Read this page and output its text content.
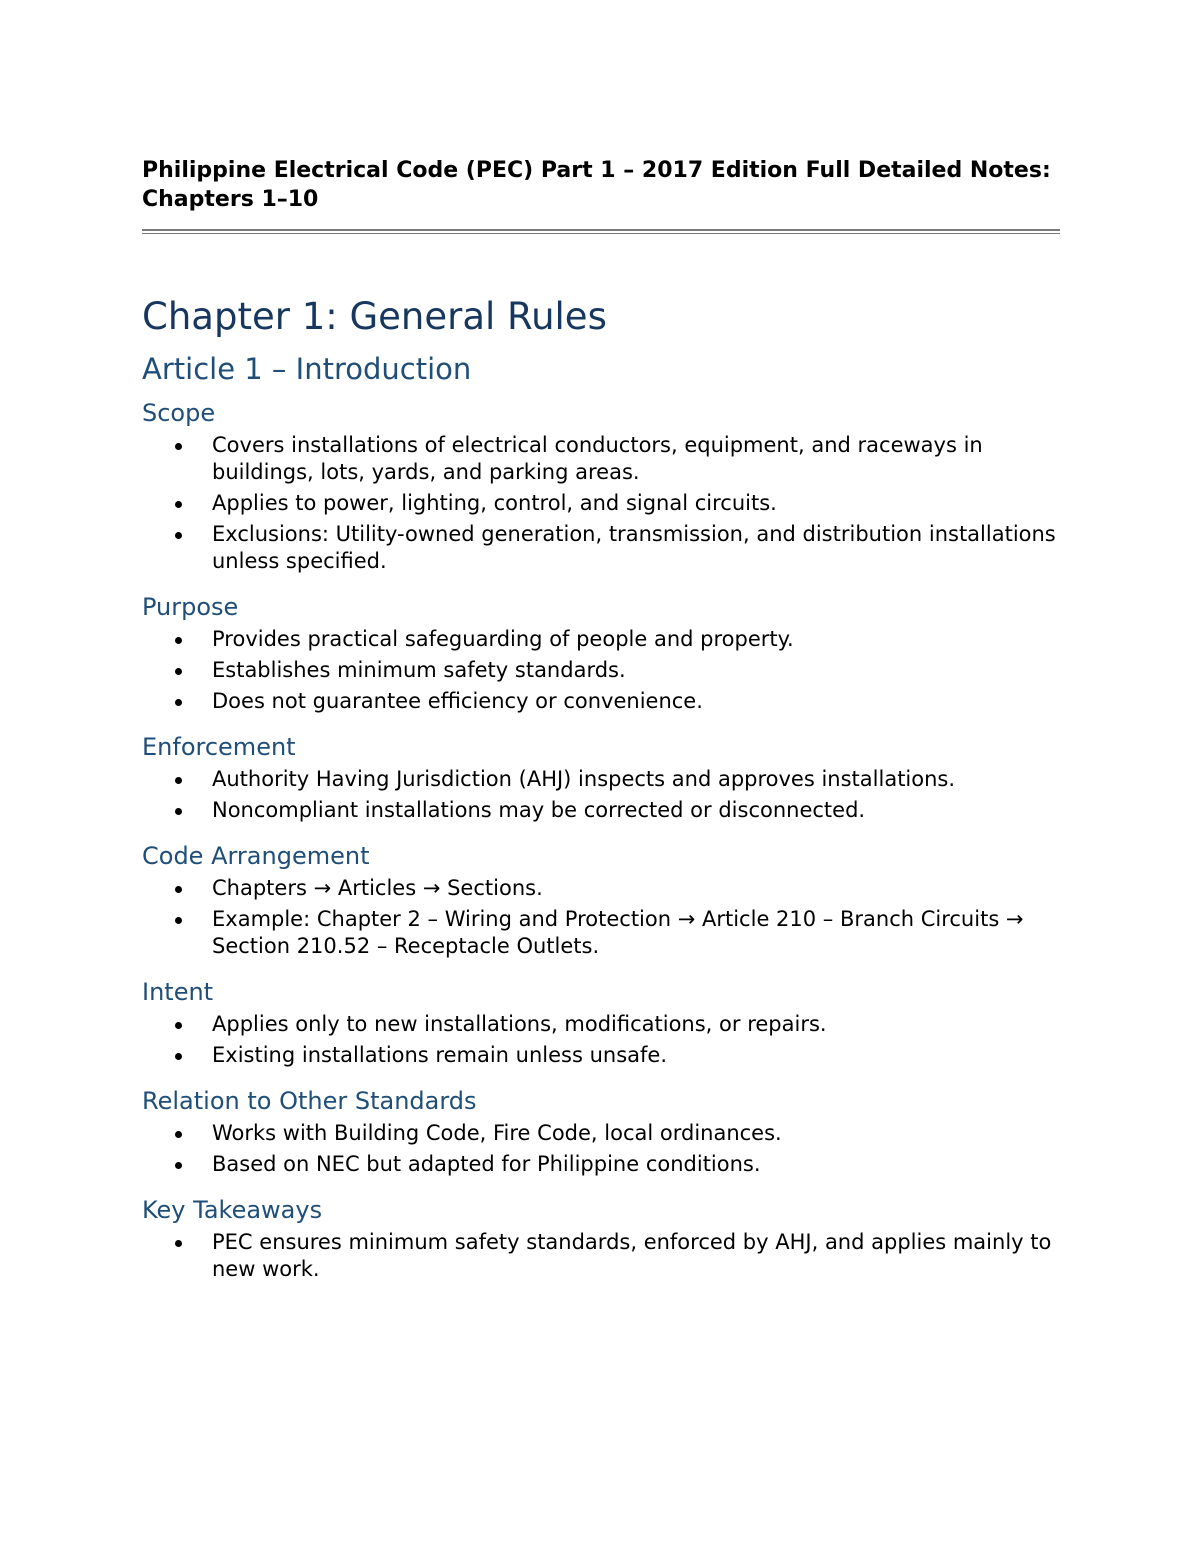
Philippine Electrical Code (PEC) Part 1 – 2017 Edition Full Detailed Notes: Chapters 1–10
Chapter 1: General Rules
Article 1 – Introduction
Scope
Covers installations of electrical conductors, equipment, and raceways in buildings, lots, yards, and parking areas.
Applies to power, lighting, control, and signal circuits.
Exclusions: Utility-owned generation, transmission, and distribution installations unless specified.
Purpose
Provides practical safeguarding of people and property.
Establishes minimum safety standards.
Does not guarantee efficiency or convenience.
Enforcement
Authority Having Jurisdiction (AHJ) inspects and approves installations.
Noncompliant installations may be corrected or disconnected.
Code Arrangement
Chapters → Articles → Sections.
Example: Chapter 2 – Wiring and Protection → Article 210 – Branch Circuits → Section 210.52 – Receptacle Outlets.
Intent
Applies only to new installations, modifications, or repairs.
Existing installations remain unless unsafe.
Relation to Other Standards
Works with Building Code, Fire Code, local ordinances.
Based on NEC but adapted for Philippine conditions.
Key Takeaways
PEC ensures minimum safety standards, enforced by AHJ, and applies mainly to new work.
